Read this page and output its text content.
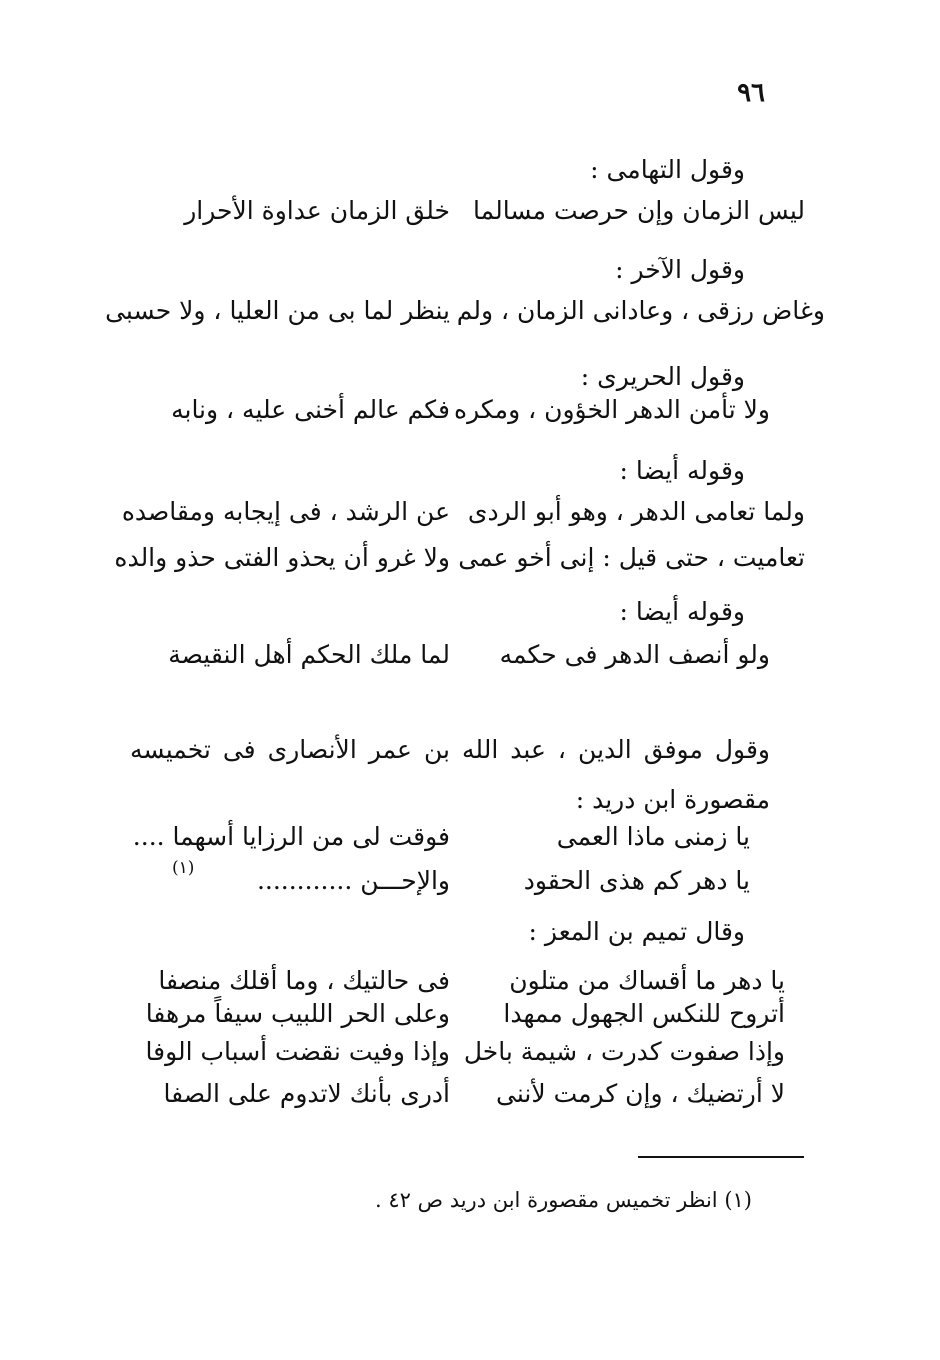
٩٦
وقول التهامى :
ليس الزمان وإن حرصت مسالما
خلق الزمان عداوة الأحرار
وقول الآخر :
وغاض رزقى ، وعادانى الزمان ، ولم
ينظر لما بى من العليا ، ولا حسبى
وقول الحريرى :
ولا تأمن الدهر الخؤون ، ومكره
فكم عالم أخنى عليه ، ونابه
وقوله أيضا :
ولما تعامى الدهر ، وهو أبو الردى
عن الرشد ، فى إيجابه ومقاصده
تعاميت ، حتى قيل : إنى أخو عمى
ولا غرو أن يحذو الفتى حذو والده
وقوله أيضا :
ولو أنصف الدهر فى حكمه
لما ملك الحكم أهل النقيصة
وقول موفق الدين ، عبد الله بن عمر الأنصارى فى تخميسه مقصورة ابن دريد :
يا زمنى ماذا العمى
فوقت لى من الرزايا أسهما ....
يا دهر كم هذى الحقود
والإحـــن ............
(١)
وقال تميم بن المعز :
يا دهر ما أقساك من متلون
فى حالتيك ، وما أقلك منصفا
أتروح للنكس الجهول ممهدا
وعلى الحر اللبيب سيفاً مرهفا
وإذا صفوت كدرت ، شيمة باخل
وإذا وفيت نقضت أسباب الوفا
لا أرتضيك ، وإن كرمت لأننى
أدرى بأنك لاتدوم على الصفا
(١) انظر تخميس مقصورة ابن دريد ص ٤٢ .
